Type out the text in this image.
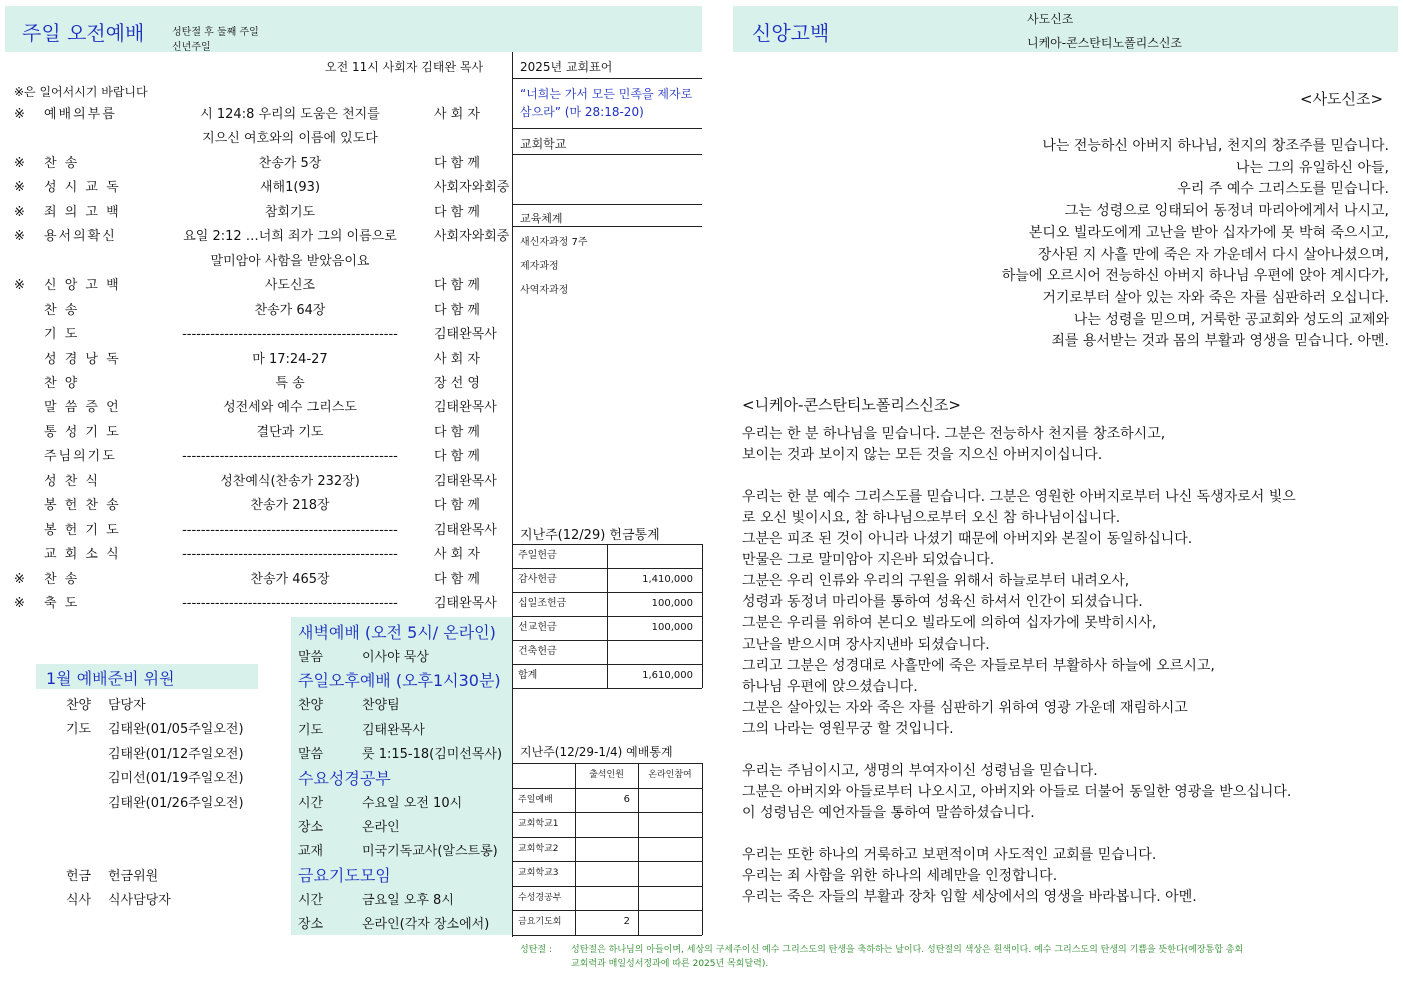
주일 오전예배	성탄절 후 둘째 주일
신년주일
오전 11시 사회자 김태완 목사
※은 일어서시기 바랍니다
※ 예배의부름	시 124:8 우리의 도움은 천지를	사 회 자
지으신 여호와의 이름에 있도다
※ 찬 송	찬송가 5장	다 함 께
※ 성 시 교 독	새해1(93)	사회자와회중
※ 죄 의 고 백	참회기도	다 함 께
※ 용서의확신	요일 2:12 …너희 죄가 그의 이름으로	사회자와회중
말미암아 사함을 받았음이요
※ 신 앙 고 백	사도신조	다 함 께
찬 송	찬송가 64장	다 함 께
기 도	----------------------------------------------	김태완목사
성 경 낭 독	마 17:24-27	사 회 자
찬 양	특 송	장 선 영
말 씀 증 언	성전세와 예수 그리스도	김태완목사
통 성 기 도	결단과 기도	다 함 께
주님의기도	----------------------------------------------	다 함 께
성 찬 식	성찬예식(찬송가 232장)	김태완목사
봉 헌 찬 송	찬송가 218장	다 함 께
봉 헌 기 도	----------------------------------------------	김태완목사
교 회 소 식	----------------------------------------------	사 회 자
※ 찬 송	찬송가 465장	다 함 께
※ 축 도	----------------------------------------------	김태완목사
2025년 교회표어
“너희는 가서 모든 민족을 제자로 삼으라” (마 28:18-20)
교회학교
교육체계
새신자과정 7주
제자과정
사역자과정
지난주(12/29) 헌금통계
주일헌금
감사헌금	1,410,000
십일조헌금	100,000
선교헌금	100,000
건축헌금
합계	1,610,000
지난주(12/29-1/4) 예배통계
출석인원	온라인참여
주일예배	6
교회학교1
교회학교2
교회학교3
수성경공부
금요기도회	2
1월 예배준비 위원
찬양 담당자
기도 김태완(01/05주일오전)
김태완(01/12주일오전)
김미선(01/19주일오전)
김태완(01/26주일오전)
헌금 헌금위원
식사 식사담당자
새벽예배 (오전 5시/ 온라인)
말씀	이사야 묵상
주일오후예배 (오후1시30분)
찬양	찬양팀
기도	김태완목사
말씀	룻 1:15-18(김미선목사)
수요성경공부
시간	수요일 오전 10시
장소	온라인
교재	미국기독교사(알스트롱)
금요기도모임
시간	금요일 오후 8시
장소	온라인(각자 장소에서)
성탄절 : 성탄절은 하나님의 아들이며, 세상의 구세주이신 예수 그리스도의 탄생을 축하하는 날이다. 성탄절의 색상은 흰색이다. 예수 그리스도의 탄생의 기쁨을 뜻한다(예장통합 총회
교회력과 매일성서정과에 따른 2025년 목회달력).
신앙고백
사도신조
니케아-콘스탄티노폴리스신조
<사도신조>
나는 전능하신 아버지 하나님, 천지의 창조주를 믿습니다.
나는 그의 유일하신 아들,
우리 주 예수 그리스도를 믿습니다.
그는 성령으로 잉태되어 동정녀 마리아에게서 나시고,
본디오 빌라도에게 고난을 받아 십자가에 못 박혀 죽으시고,
장사된 지 사흘 만에 죽은 자 가운데서 다시 살아나셨으며,
하늘에 오르시어 전능하신 아버지 하나님 우편에 앉아 계시다가,
거기로부터 살아 있는 자와 죽은 자를 심판하러 오십니다.
나는 성령을 믿으며, 거룩한 공교회와 성도의 교제와
죄를 용서받는 것과 몸의 부활과 영생을 믿습니다. 아멘.
<니케아-콘스탄티노폴리스신조>
우리는 한 분 하나님을 믿습니다. 그분은 전능하사 천지를 창조하시고,
보이는 것과 보이지 않는 모든 것을 지으신 아버지이십니다.
우리는 한 분 예수 그리스도를 믿습니다. 그분은 영원한 아버지로부터 나신 독생자로서 빛으
로 오신 빛이시요, 참 하나님으로부터 오신 참 하나님이십니다.
그분은 피조 된 것이 아니라 나셨기 때문에 아버지와 본질이 동일하십니다.
만물은 그로 말미암아 지은바 되었습니다.
그분은 우리 인류와 우리의 구원을 위해서 하늘로부터 내려오사,
성령과 동정녀 마리아를 통하여 성육신 하셔서 인간이 되셨습니다.
그분은 우리를 위하여 본디오 빌라도에 의하여 십자가에 못박히시사,
고난을 받으시며 장사지낸바 되셨습니다.
그리고 그분은 성경대로 사흘만에 죽은 자들로부터 부활하사 하늘에 오르시고,
하나님 우편에 앉으셨습니다.
그분은 살아있는 자와 죽은 자를 심판하기 위하여 영광 가운데 재림하시고
그의 나라는 영원무궁 할 것입니다.
우리는 주님이시고, 생명의 부여자이신 성령님을 믿습니다.
그분은 아버지와 아들로부터 나오시고, 아버지와 아들로 더불어 동일한 영광을 받으십니다.
이 성령님은 예언자들을 통하여 말씀하셨습니다.
우리는 또한 하나의 거룩하고 보편적이며 사도적인 교회를 믿습니다.
우리는 죄 사함을 위한 하나의 세례만을 인정합니다.
우리는 죽은 자들의 부활과 장차 임할 세상에서의 영생을 바라봅니다. 아멘.
